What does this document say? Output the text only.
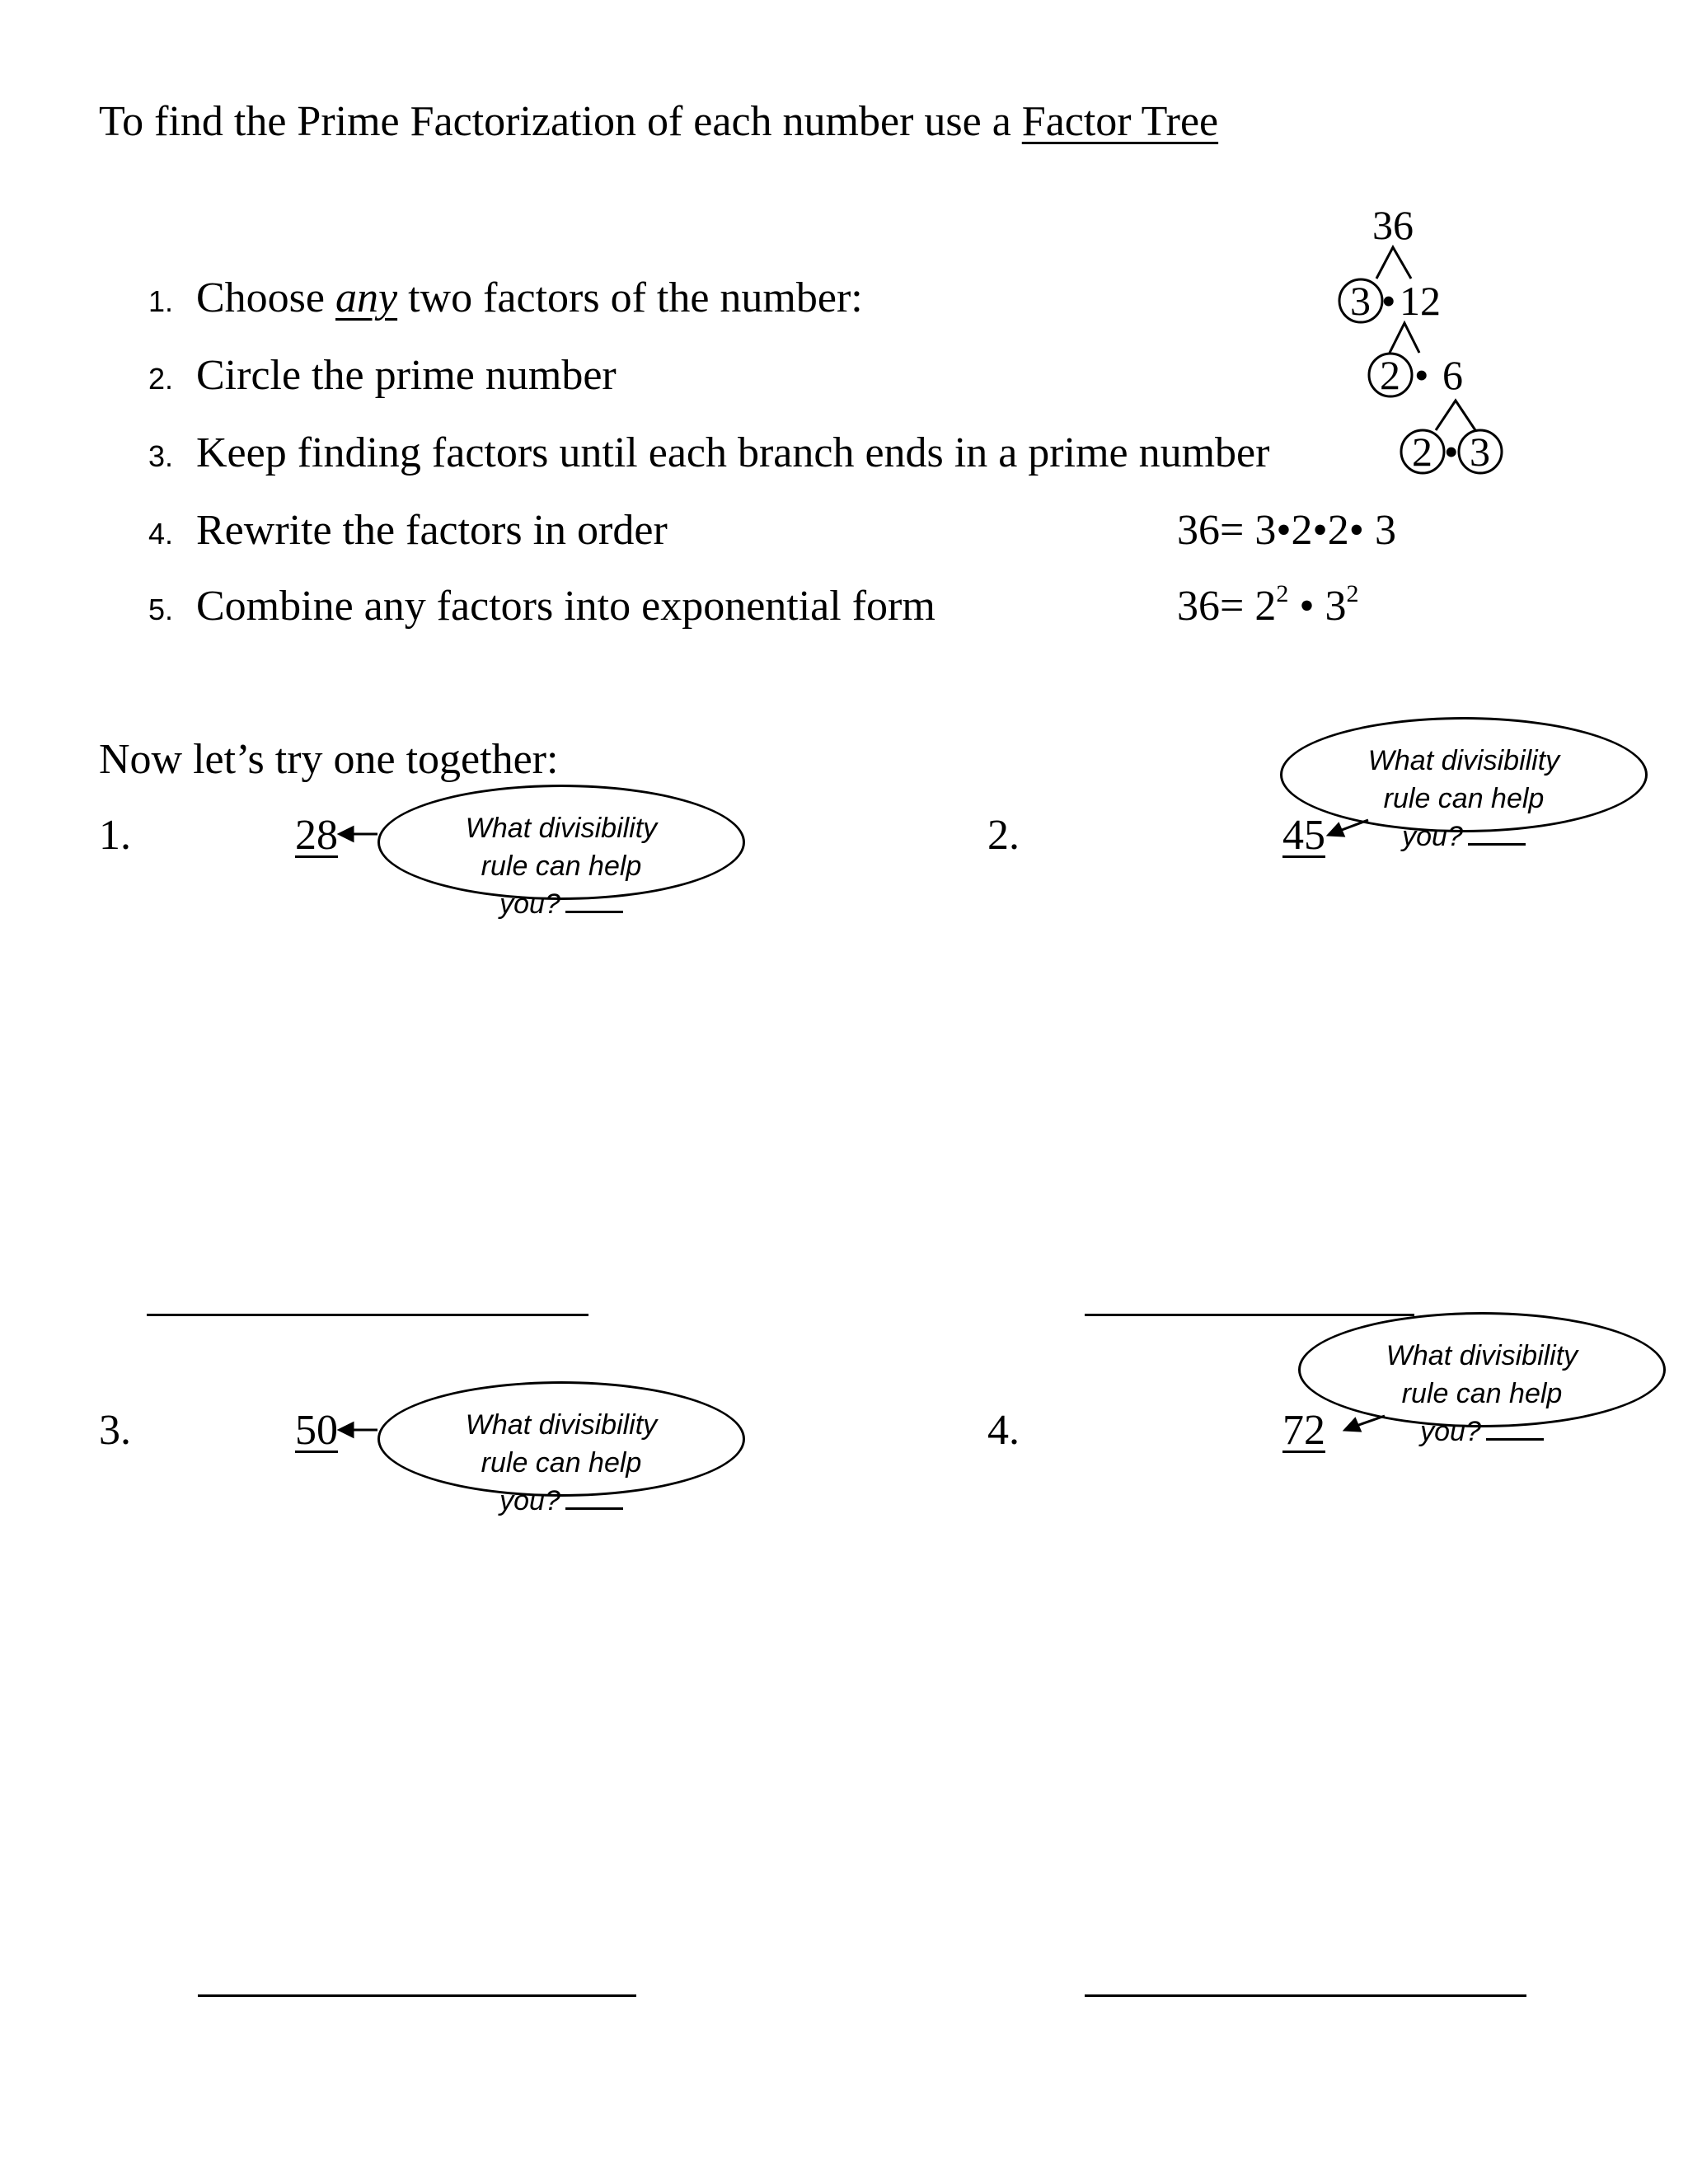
To find the Prime Factorization of each number use a Factor Tree
1. Choose any two factors of the number:
2. Circle the prime number
3. Keep finding factors until each branch ends in a prime number
4. Rewrite the factors in order
5. Combine any factors into exponential form
36= 3•2•2• 3
$36= 2^2$ • $3^2$
36
3 • 12
2 • 6
2 • 3
Now let’s try one together:
1.	28	What divisibility
rule can help
you?
2.	45
What divisibility
rule can help
you?
3.	50	What divisibility
rule can help
you?
4.	72
What divisibility
rule can help
you?
